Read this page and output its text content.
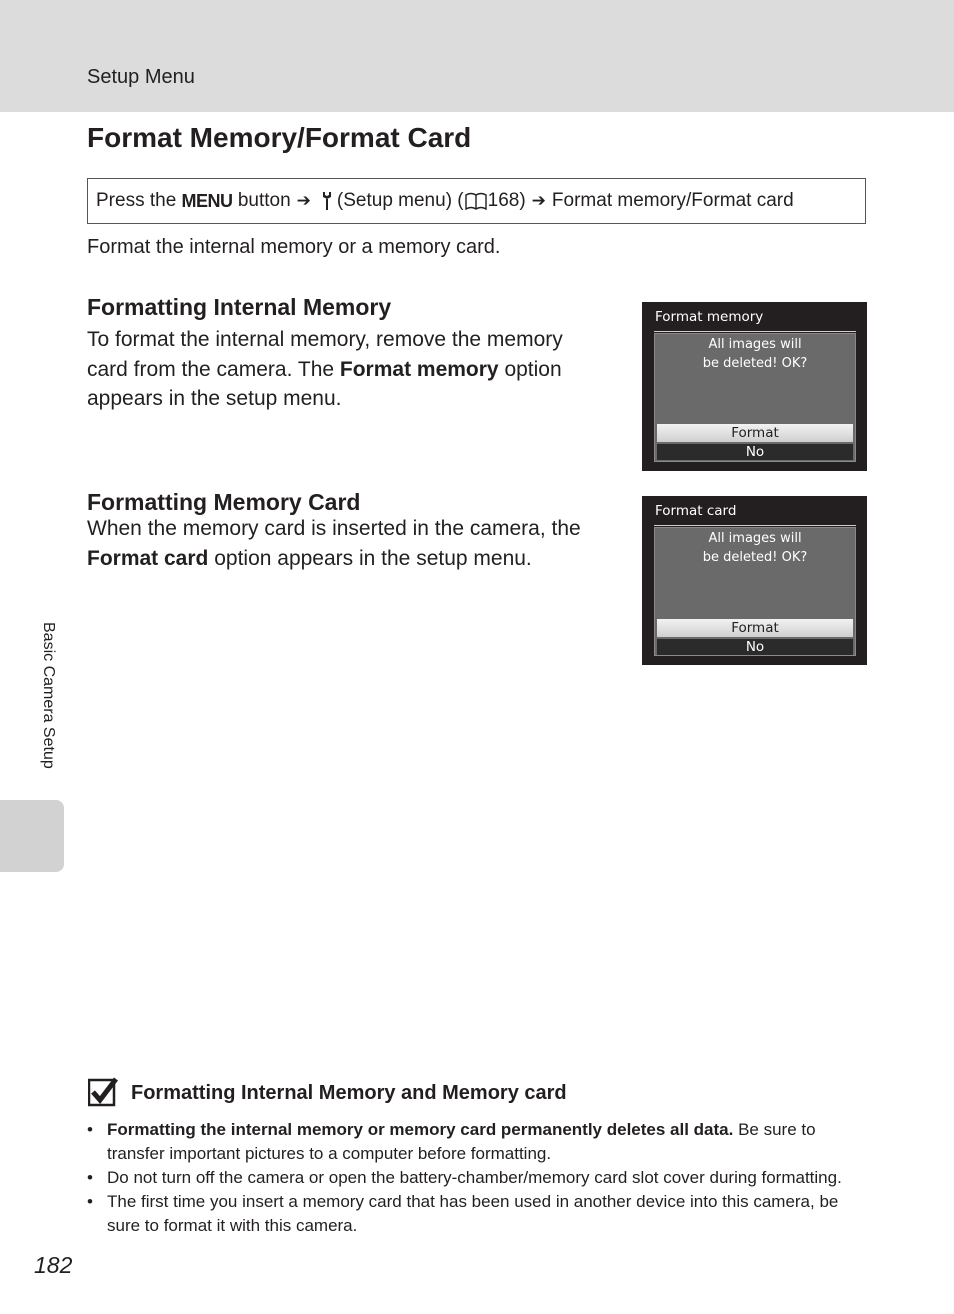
Setup Menu
Format Memory/Format Card
Press the
MENU
button ➔ (Setup menu) ( 168) ➔ Format memory/Format card
Format the internal memory or a memory card.
Formatting Internal Memory
To format the internal memory, remove the memory card from the camera. The Format memory option appears in the setup menu.
Format memory
All images will
be deleted! OK?
Format
No
Formatting Memory Card
When the memory card is inserted in the camera, the Format card option appears in the setup menu.
Format card
All images will
be deleted! OK?
Format
No
Basic Camera Setup
Formatting Internal Memory and Memory card
• Formatting the internal memory or memory card permanently deletes all data. Be sure to transfer important pictures to a computer before formatting.
• Do not turn off the camera or open the battery-chamber/memory card slot cover during formatting.
• The first time you insert a memory card that has been used in another device into this camera, be sure to format it with this camera.
182
